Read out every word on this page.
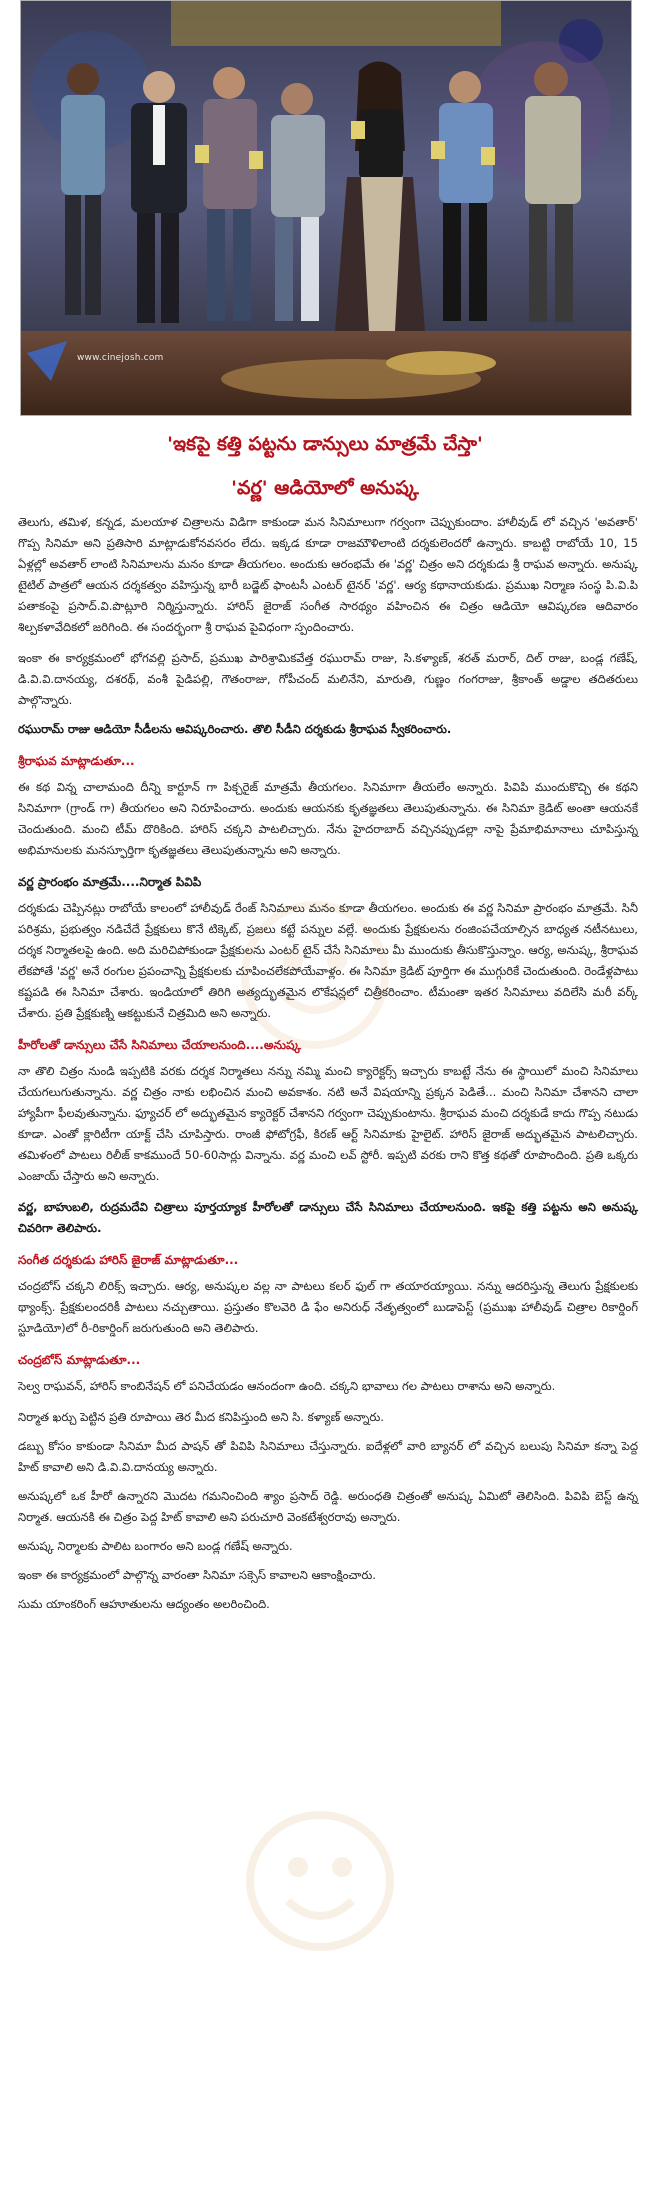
www.cinejosh.com
'ఇకపై కత్తి పట్టను డాన్సులు మాత్రమే చేస్తా'
'వర్ణ' ఆడియోలో అనుష్క

తెలుగు, తమిళ, కన్నడ, మలయాళ చిత్రాలను విడిగా కాకుండా మన సినిమాలుగా గర్వంగా చెప్పుకుందాం. హాలీవుడ్ లో వచ్చిన 'అవతార్' గొప్ప సినిమా అని ప్రతిసారి మాట్లాడుకోనవసరం లేదు. ఇక్కడ కూడా రాజమౌళిలాంటి దర్శకులెందరో ఉన్నారు. కాబట్టి రాబోయే 10, 15 ఏళ్లల్లో అవతార్ లాంటి సినిమాలను మనం కూడా తీయగలం. అందుకు ఆరంభమే ఈ 'వర్ణ' చిత్రం అని దర్శకుడు శ్రీ రాఘవ అన్నారు. అనుష్క టైటిల్ పాత్రలో ఆయన దర్శకత్వం వహిస్తున్న భారీ బడ్జెట్ ఫాంటసీ ఎంటర్ టైనర్ 'వర్ణ'. ఆర్య కథానాయకుడు. ప్రముఖ నిర్మాణ సంస్థ పి.వి.పి పతాకంపై ప్రసాద్.వి.పొట్లూరి నిర్మిస్తున్నారు. హారిస్ జైరాజ్ సంగీత సారథ్యం వహించిన ఈ చిత్రం ఆడియో ఆవిష్కరణ ఆదివారం శిల్పకళావేదికలో జరిగింది. ఈ సందర్భంగా శ్రీ రాఘవ పైవిధంగా స్పందించారు.

ఇంకా ఈ కార్యక్రమంలో భోగవల్లి ప్రసాద్, ప్రముఖ పారిశ్రామికవేత్త రఘురామ్ రాజు, సి.కళ్యాణ్, శరత్ మరార్, దిల్ రాజు, బండ్ల గణేష్, డి.వి.వి.దానయ్య, దశరథ్, వంశీ పైడిపల్లి, గౌతంరాజు, గోపీచంద్ మలినేని, మారుతి, గుణ్ణం గంగరాజు, శ్రీకాంత్ అడ్డాల తదితరులు పాల్గొన్నారు.

రఘురామ్ రాజు ఆడియో సీడీలను ఆవిష్కరించారు. తొలి సీడీని దర్శకుడు శ్రీరాఘవ స్వీకరించారు.

శ్రీరాఘవ మాట్లాడుతూ...

ఈ కథ విన్న చాలామంది దీన్ని కార్టూన్ గా పిక్చరైజ్ మాత్రమే తీయగలం. సినిమాగా తీయలేం అన్నారు. పివిపి ముందుకొచ్చి ఈ కథని సినిమాగా (గ్రాండ్ గా) తీయగలం అని నిరూపించారు. అందుకు ఆయనకు కృతజ్ఞతలు తెలుపుతున్నాను. ఈ సినిమా క్రెడిట్ అంతా ఆయనకే చెందుతుంది. మంచి టీమ్ దొరికింది. హారిస్ చక్కని పాటలిచ్చారు. నేను హైదరాబాద్ వచ్చినప్పుడల్లా నాపై ప్రేమాభిమానాలు చూపిస్తున్న అభిమానులకు మనస్ఫూర్తిగా కృతజ్ఞతలు తెలుపుతున్నాను అని అన్నారు.

వర్ణ ప్రారంభం మాత్రమే....నిర్మాత పివిపి

దర్శకుడు చెప్పినట్లు రాబోయే కాలంలో హాలీవుడ్ రేంజ్ సినిమాలు మనం కూడా తీయగలం. అందుకు ఈ వర్ణ సినిమా ప్రారంభం మాత్రమే. సినీ పరిశ్రమ, ప్రభుత్వం నడిచేదే ప్రేక్షకులు కొనే టిక్కెట్, ప్రజలు కట్టే పన్నుల వల్లే. అందుకు ప్రేక్షకులను రంజింపచేయాల్సిన బాధ్యత నటీనటులు, దర్శక నిర్మాతలపై ఉంది. అది మరిచిపోకుండా ప్రేక్షకులను ఎంటర్ టైన్ చేసే సినిమాలు మీ ముందుకు తీసుకొస్తున్నాం. ఆర్య, అనుష్క, శ్రీరాఘవ లేకపోతే 'వర్ణ' అనే రంగుల ప్రపంచాన్ని ప్రేక్షకులకు చూపించలేకపోయేవాళ్లం. ఈ సినిమా క్రెడిట్ పూర్తిగా ఈ ముగ్గురికే చెందుతుంది. రెండేళ్లపాటు కష్టపడి ఈ సినిమా చేశారు. ఇండియాలో తిరిగి అత్యద్భుతమైన లొకేషన్లలో చిత్రీకరించాం. టీమంతా ఇతర సినిమాలు వదిలేసి మరీ వర్క్ చేశారు. ప్రతి ప్రేక్షకుణ్ని ఆకట్టుకునే చిత్రమిది అని అన్నారు.

హీరోలతో డాన్సులు చేసే సినిమాలు చేయాలనుంది....అనుష్క

నా తొలి చిత్రం నుండి ఇప్పటికి వరకు దర్శక నిర్మాతలు నన్ను నమ్మి మంచి క్యారెక్టర్స్ ఇచ్చారు కాబట్టే నేను ఈ స్థాయిలో మంచి సినిమాలు చేయగలుగుతున్నాను. వర్ణ చిత్రం నాకు లభించిన మంచి అవకాశం. నటి అనే విషయాన్ని ప్రక్కన పెడితే... మంచి సినిమా చేశానని చాలా హ్యాపీగా ఫీలవుతున్నాను. ఫ్యూచర్ లో అద్భుతమైన క్యారెక్టర్ చేశానని గర్వంగా చెప్పుకుంటాను. శ్రీరాఘవ మంచి దర్శకుడే కాదు గొప్ప నటుడు కూడా. ఎంతో క్లారిటీగా యాక్ట్ చేసి చూపిస్తారు. రాంజీ ఫోటోగ్రఫీ, కిరణ్ ఆర్ట్ సినిమాకు హైలైట్. హారిస్ జైరాజ్ అద్భుతమైన పాటలిచ్చారు. తమిళంలో పాటలు రిలీజ్ కాకముందే 50-60సార్లు విన్నాను. వర్ణ మంచి లవ్ స్టోరీ. ఇప్పటి వరకు రాని కొత్త కథతో రూపొందింది. ప్రతి ఒక్కరు ఎంజాయ్ చేస్తారు అని అన్నారు.

వర్ణ, బాహుబలి, రుద్రమదేవి చిత్రాలు పూర్తయ్యాక హీరోలతో డాన్సులు చేసే సినిమాలు చేయాలనుంది. ఇకపై కత్తి పట్టను అని అనుష్క చివరిగా తెలిపారు.

సంగీత దర్శకుడు హారిస్ జైరాజ్ మాట్లాడుతూ...

చంద్రబోస్ చక్కని లిరిక్స్ ఇచ్చారు. ఆర్య, అనుష్కల వల్ల నా పాటలు కలర్ ఫుల్ గా తయారయ్యాయి. నన్ను ఆదరిస్తున్న తెలుగు ప్రేక్షకులకు థ్యాంక్స్. ప్రేక్షకులందరికీ పాటలు నచ్చుతాయి. ప్రస్తుతం కొలవెరి డి ఫేం అనిరుధ్ నేతృత్వంలో బుడాపెస్ట్ (ప్రముఖ హాలీవుడ్ చిత్రాల రికార్డింగ్ స్టూడియో)లో రీ-రికార్డింగ్ జరుగుతుంది అని తెలిపారు.

చంద్రబోస్ మాట్లాడుతూ...

సెల్వ రాఘవన్, హారిస్ కాంబినేషన్ లో పనిచేయడం ఆనందంగా ఉంది. చక్కని భావాలు గల పాటలు రాశాను అని అన్నారు.

నిర్మాత ఖర్చు పెట్టిన ప్రతి రూపాయి తెర మీద కనిపిస్తుంది అని సి. కళ్యాణ్ అన్నారు.

డబ్బు కోసం కాకుండా సినిమా మీద పాషన్ తో పివిపి సినిమాలు చేస్తున్నారు. ఐదేళ్లలో వారి బ్యానర్ లో వచ్చిన బలుపు సినిమా కన్నా పెద్ద హిట్ కావాలి అని డి.వి.వి.దానయ్య అన్నారు.

అనుష్కలో ఒక హీరో ఉన్నారని మొదట గమనించింది శ్యాం ప్రసాద్ రెడ్డి. అరుంధతి చిత్రంతో అనుష్క ఏమిటో తెలిసింది. పివిపి బెస్ట్ ఉన్న నిర్మాత. ఆయనకి ఈ చిత్రం పెద్ద హిట్ కావాలి అని పరుచూరి వెంకటేశ్వరరావు అన్నారు.

అనుష్క నిర్మాలకు పాలిట బంగారం అని బండ్ల గణేష్ అన్నారు.

ఇంకా ఈ కార్యక్రమంలో పాల్గొన్న వారంతా సినిమా సక్సెస్ కావాలని ఆకాంక్షించారు.

సుమ యాంకరింగ్ ఆహూతులను ఆద్యంతం అలరించింది.
